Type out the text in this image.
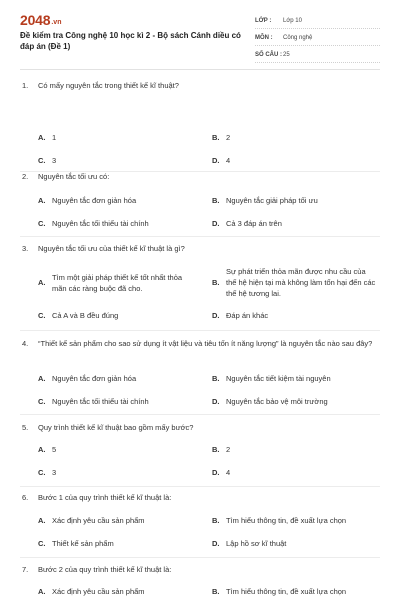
2048.vn
Đề kiểm tra Công nghệ 10 học kì 2 - Bộ sách Cánh diều có đáp án (Đề 1)
LỚP :	Lớp 10
MÔN :	Công nghệ
SỐ CÂU : 25
1. Có mấy nguyên tắc trong thiết kế kĩ thuật?
A. 1	B. 2
C. 3	D. 4
2. Nguyên tắc tối ưu có:
A. Nguyên tắc đơn giản hóa	B. Nguyên tắc giải pháp tối ưu
C. Nguyên tắc tối thiểu tài chính	D. Cả 3 đáp án trên
3. Nguyên tắc tối ưu của thiết kế kĩ thuật là gì?
A.
Tìm một giải pháp thiết kế tốt nhất thỏa mãn các ràng buộc đã cho.
B.
Sự phát triển thỏa mãn được nhu cầu của thế hệ hiện tại mà không làm tổn hại đến các thế hệ tương lai.
C. Cả A và B đều đúng	D. Đáp án khác
4. “Thiết kế sản phẩm cho sao sử dụng ít vật liệu và tiêu tốn ít năng lượng” là nguyên tắc nào sau đây?
A. Nguyên tắc đơn giản hóa	B. Nguyên tắc tiết kiệm tài nguyên
C. Nguyên tắc tối thiểu tài chính	D. Nguyên tắc bảo vệ môi trường
5. Quy trình thiết kế kĩ thuật bao gồm mấy bước?
A. 5	B. 2
C. 3	D. 4
6. Bước 1 của quy trình thiết kế kĩ thuật là:
A. Xác định yêu cầu sản phẩm	B. Tìm hiểu thông tin, đề xuất lựa chọn
C. Thiết kế sản phẩm	D. Lập hồ sơ kĩ thuật
7. Bước 2 của quy trình thiết kế kĩ thuật là:
A. Xác định yêu cầu sản phẩm	B. Tìm hiểu thông tin, đề xuất lựa chọn
